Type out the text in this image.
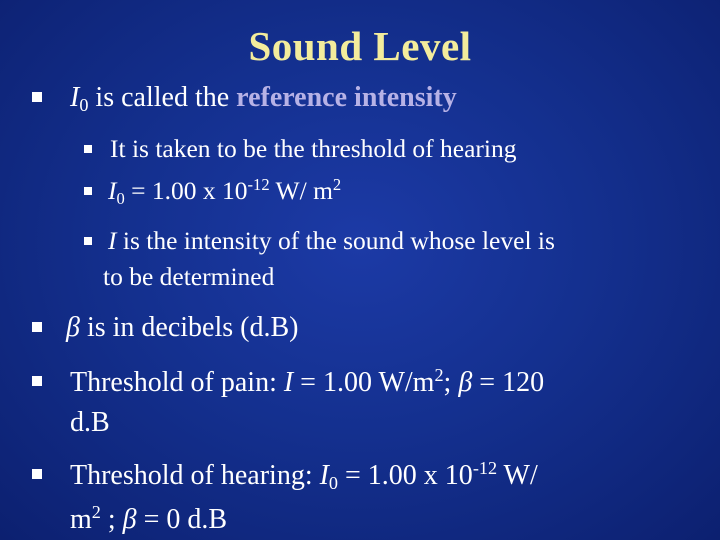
Sound Level
$I_0$ is called the reference intensity
It is taken to be the threshold of hearing
$I_0 = 1.00$ x $10^{-12}$ W/ $m^2$
I is the intensity of the sound whose level is
to be determined
β is in decibels (d.B)
Threshold of pain: I = 1.00 $W/m^2$; β = 120
d.B
Threshold of hearing: $I_0 = 1.00$ x $10^{-12}$ W/
$m^2$ ; β = 0 d.B
